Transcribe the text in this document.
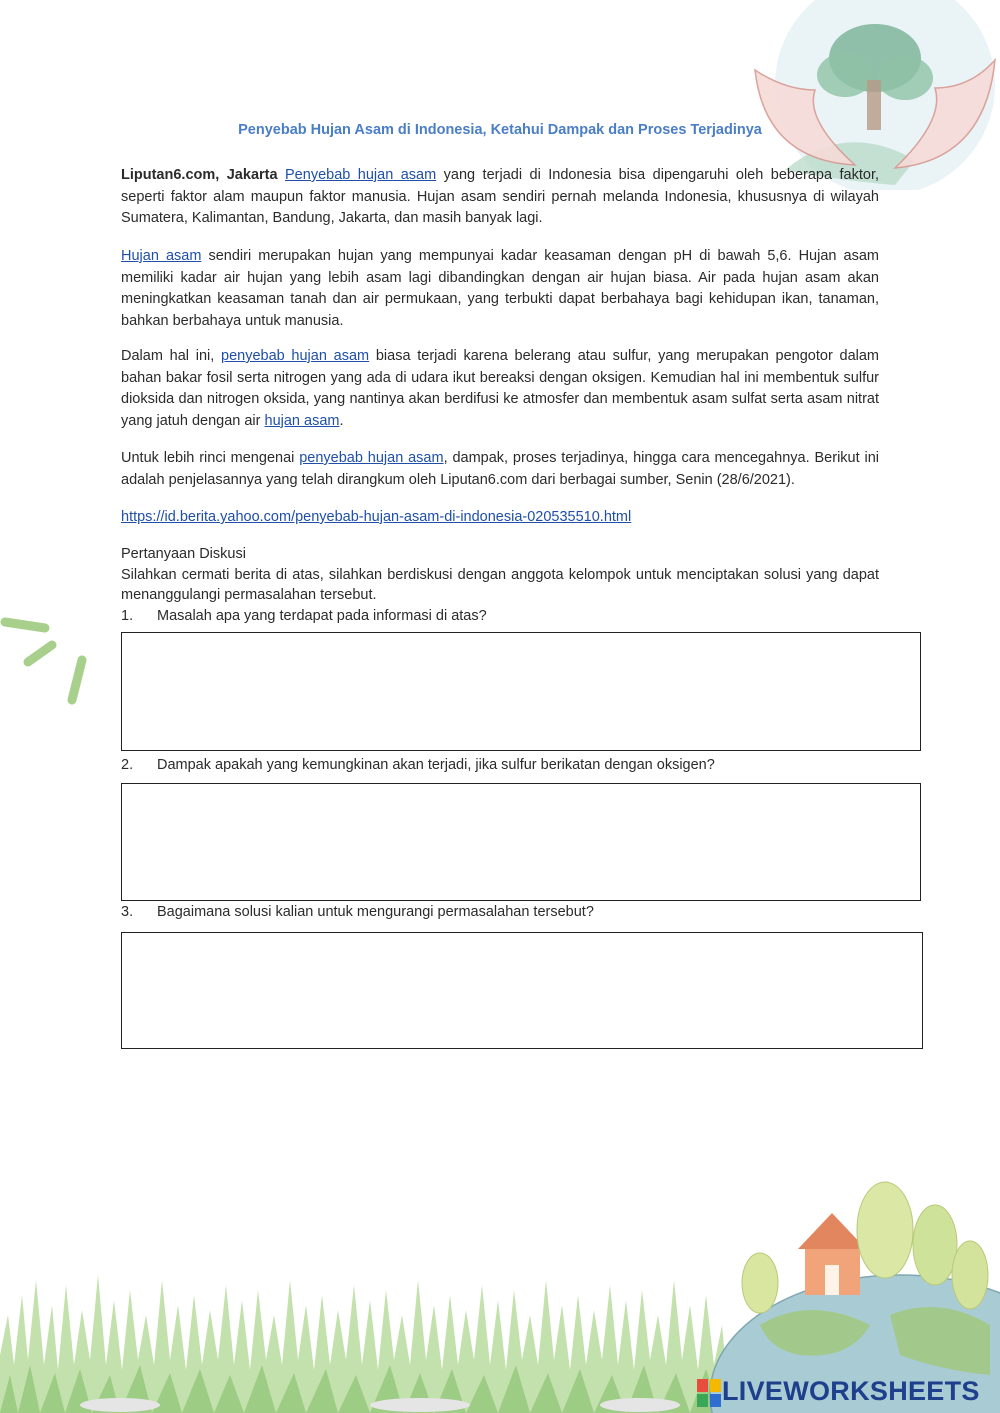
Penyebab Hujan Asam di Indonesia, Ketahui Dampak dan Proses Terjadinya
Liputan6.com, Jakarta Penyebab hujan asam yang terjadi di Indonesia bisa dipengaruhi oleh beberapa faktor, seperti faktor alam maupun faktor manusia. Hujan asam sendiri pernah melanda Indonesia, khususnya di wilayah Sumatera, Kalimantan, Bandung, Jakarta, dan masih banyak lagi.
Hujan asam sendiri merupakan hujan yang mempunyai kadar keasaman dengan pH di bawah 5,6. Hujan asam memiliki kadar air hujan yang lebih asam lagi dibandingkan dengan air hujan biasa. Air pada hujan asam akan meningkatkan keasaman tanah dan air permukaan, yang terbukti dapat berbahaya bagi kehidupan ikan, tanaman, bahkan berbahaya untuk manusia.
Dalam hal ini, penyebab hujan asam biasa terjadi karena belerang atau sulfur, yang merupakan pengotor dalam bahan bakar fosil serta nitrogen yang ada di udara ikut bereaksi dengan oksigen. Kemudian hal ini membentuk sulfur dioksida dan nitrogen oksida, yang nantinya akan berdifusi ke atmosfer dan membentuk asam sulfat serta asam nitrat yang jatuh dengan air hujan asam.
Untuk lebih rinci mengenai penyebab hujan asam, dampak, proses terjadinya, hingga cara mencegahnya. Berikut ini adalah penjelasannya yang telah dirangkum oleh Liputan6.com dari berbagai sumber, Senin (28/6/2021).
https://id.berita.yahoo.com/penyebab-hujan-asam-di-indonesia-020535510.html
Pertanyaan Diskusi
Silahkan cermati berita di atas, silahkan berdiskusi dengan anggota kelompok untuk menciptakan solusi yang dapat menanggulangi permasalahan tersebut.
1. Masalah apa yang terdapat pada informasi di atas?
2. Dampak apakah yang kemungkinan akan terjadi, jika sulfur berikatan dengan oksigen?
3. Bagaimana solusi kalian untuk mengurangi permasalahan tersebut?
LIVEWORKSHEETS
